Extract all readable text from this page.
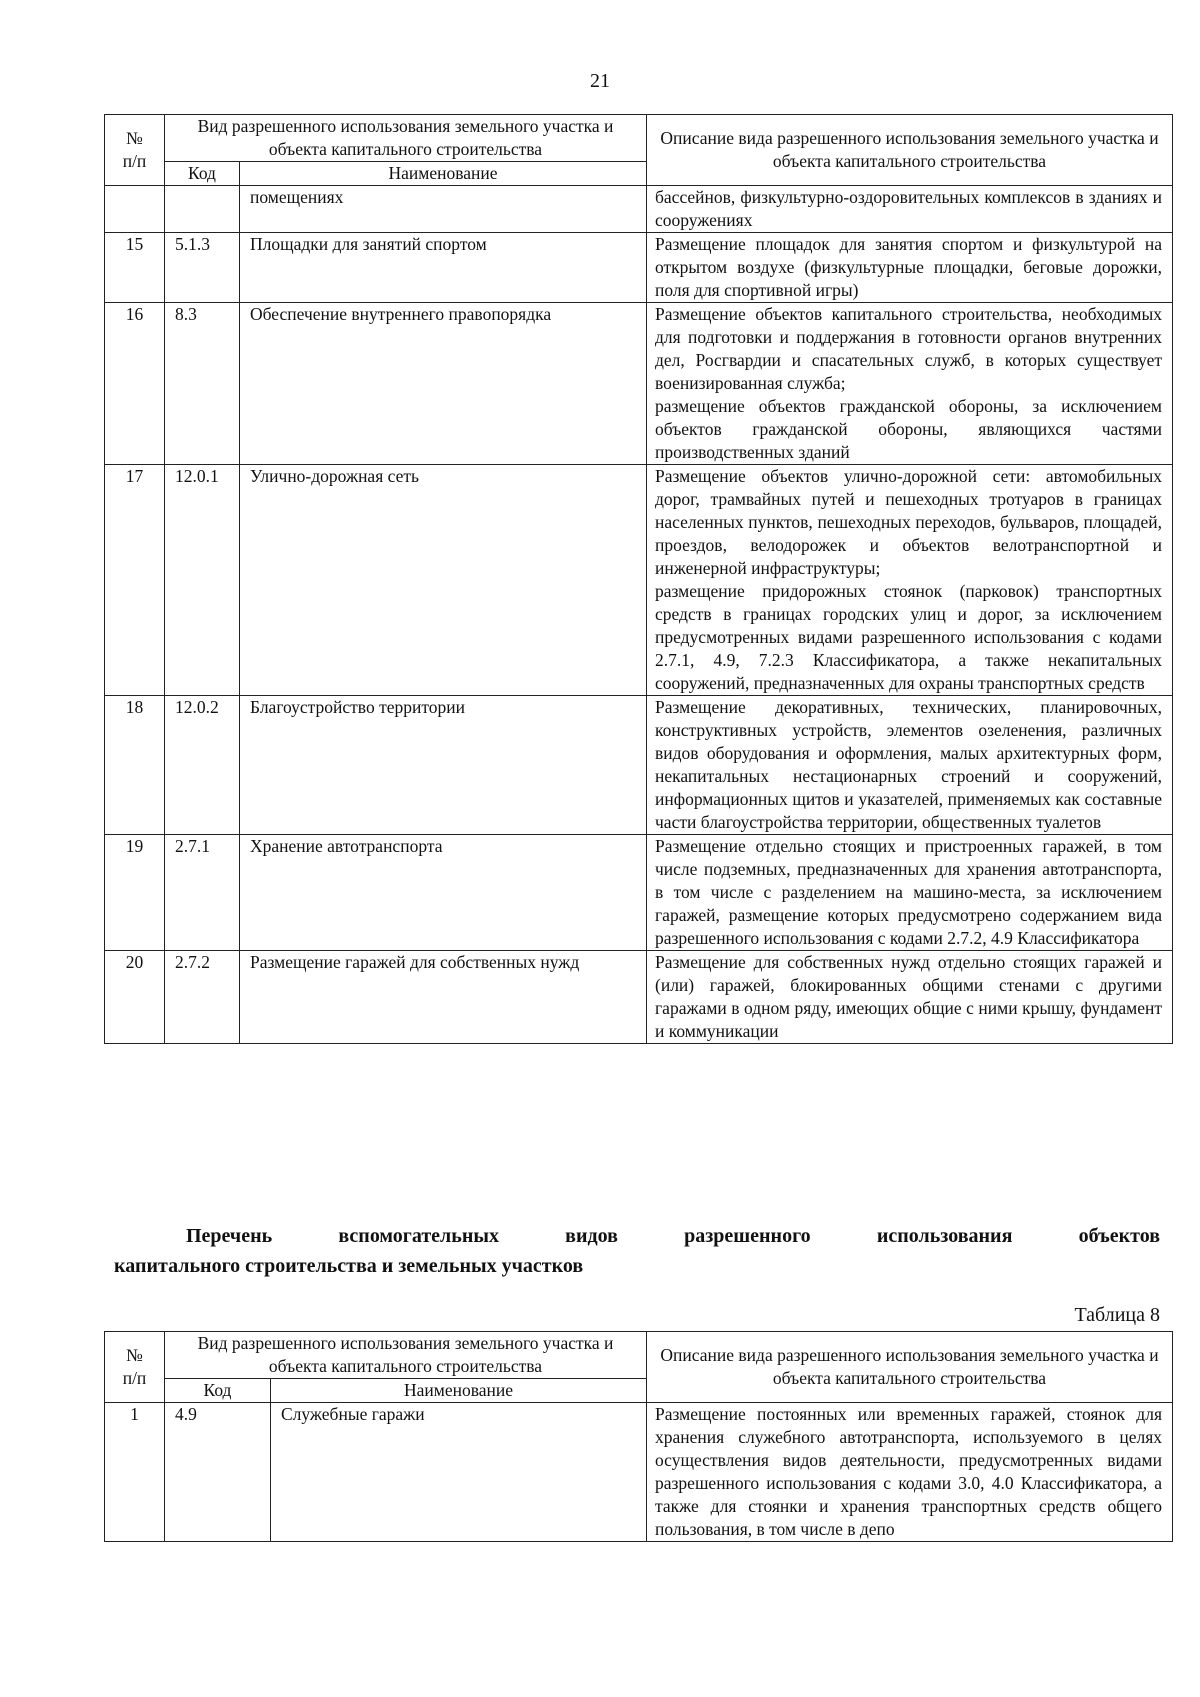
21
№
п/п	Вид разрешенного использования земельного участка и объекта капитального строительства		Описание вида разрешенного использования земельного участка и объекта капитального строительства
	Код	Наименование	
		помещениях	бассейнов, физкультурно-оздоровительных комплексов в зданиях и сооружениях

15	5.1.3	Площадки для занятий спортом	Размещение площадок для занятия спортом и физкультурой на открытом воздухе (физкультурные площадки, беговые дорожки, поля для спортивной игры)

16	8.3	Обеспечение внутреннего правопорядка	Размещение объектов капитального строительства, необходимых для подготовки и поддержания в готовности органов внутренних дел, Росгвардии и спасательных служб, в которых существует военизированная служба;
размещение объектов гражданской обороны, за исключением объектов гражданской обороны, являющихся частями производственных зданий

17	12.0.1	Улично-дорожная сеть	Размещение объектов улично-дорожной сети: автомобильных дорог, трамвайных путей и пешеходных тротуаров в границах населенных пунктов, пешеходных переходов, бульваров, площадей, проездов, велодорожек и объектов велотранспортной и инженерной инфраструктуры;
размещение придорожных стоянок (парковок) транспортных средств в границах городских улиц и дорог, за исключением предусмотренных видами разрешенного использования с кодами 2.7.1, 4.9, 7.2.3 Классификатора, а также некапитальных сооружений, предназначенных для охраны транспортных средств

18	12.0.2	Благоустройство территории	Размещение декоративных, технических, планировочных, конструктивных устройств, элементов озеленения, различных видов оборудования и оформления, малых архитектурных форм, некапитальных нестационарных строений и сооружений, информационных щитов и указателей, применяемых как составные части благоустройства территории, общественных туалетов

19	2.7.1	Хранение автотранспорта	Размещение отдельно стоящих и пристроенных гаражей, в том числе подземных, предназначенных для хранения автотранспорта, в том числе с разделением на машино-места, за исключением гаражей, размещение которых предусмотрено содержанием вида разрешенного использования с кодами 2.7.2, 4.9 Классификатора

20	2.7.2	Размещение гаражей для собственных нужд	Размещение для собственных нужд отдельно стоящих гаражей и (или) гаражей, блокированных общими стенами с другими гаражами в одном ряду, имеющих общие с ними крышу, фундамент и коммуникации
Перечень вспомогательных видов разрешенного использования объектов
капитального строительства и земельных участков
Таблица 8
№
п/п	Вид разрешенного использования земельного участка и объекта капитального строительства		Описание вида разрешенного использования земельного участка и объекта капитального строительства
	Код	Наименование	
1	4.9	Служебные гаражи	Размещение постоянных или временных гаражей, стоянок для хранения служебного автотранспорта, используемого в целях осуществления видов деятельности, предусмотренных видами разрешенного использования с кодами 3.0, 4.0 Классификатора, а также для стоянки и хранения транспортных средств общего пользования, в том числе в депо
